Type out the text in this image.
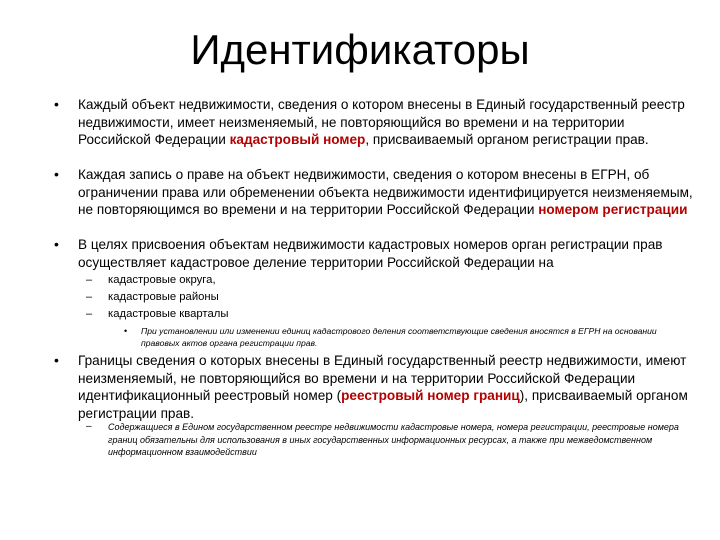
Идентификаторы
• Каждый объект недвижимости, сведения о котором внесены в Единый государственный реестр недвижимости, имеет неизменяемый, не повторяющийся во времени и на территории Российской Федерации кадастровый номер, присваиваемый органом регистрации прав.
• Каждая запись о праве на объект недвижимости, сведения о котором внесены в ЕГРН, об ограничении права или обременении объекта недвижимости идентифицируется неизменяемым, не повторяющимся во времени и на территории Российской Федерации номером регистрации
• В целях присвоения объектам недвижимости кадастровых номеров орган регистрации прав осуществляет кадастровое деление территории Российской Федерации на
– кадастровые округа,
– кадастровые районы
– кадастровые кварталы
• При установлении или изменении единиц кадастрового деления соответствующие сведения вносятся в ЕГРН на основании правовых актов органа регистрации прав.
• Границы сведения о которых внесены в Единый государственный реестр недвижимости, имеют неизменяемый, не повторяющийся во времени и на территории Российской Федерации идентификационный реестровый номер (реестровый номер границ), присваиваемый органом регистрации прав.
– Содержащиеся в Едином государственном реестре недвижимости кадастровые номера, номера регистрации, реестровые номера границ обязательны для использования в иных государственных информационных ресурсах, а также при межведомственном информационном взаимодействии
